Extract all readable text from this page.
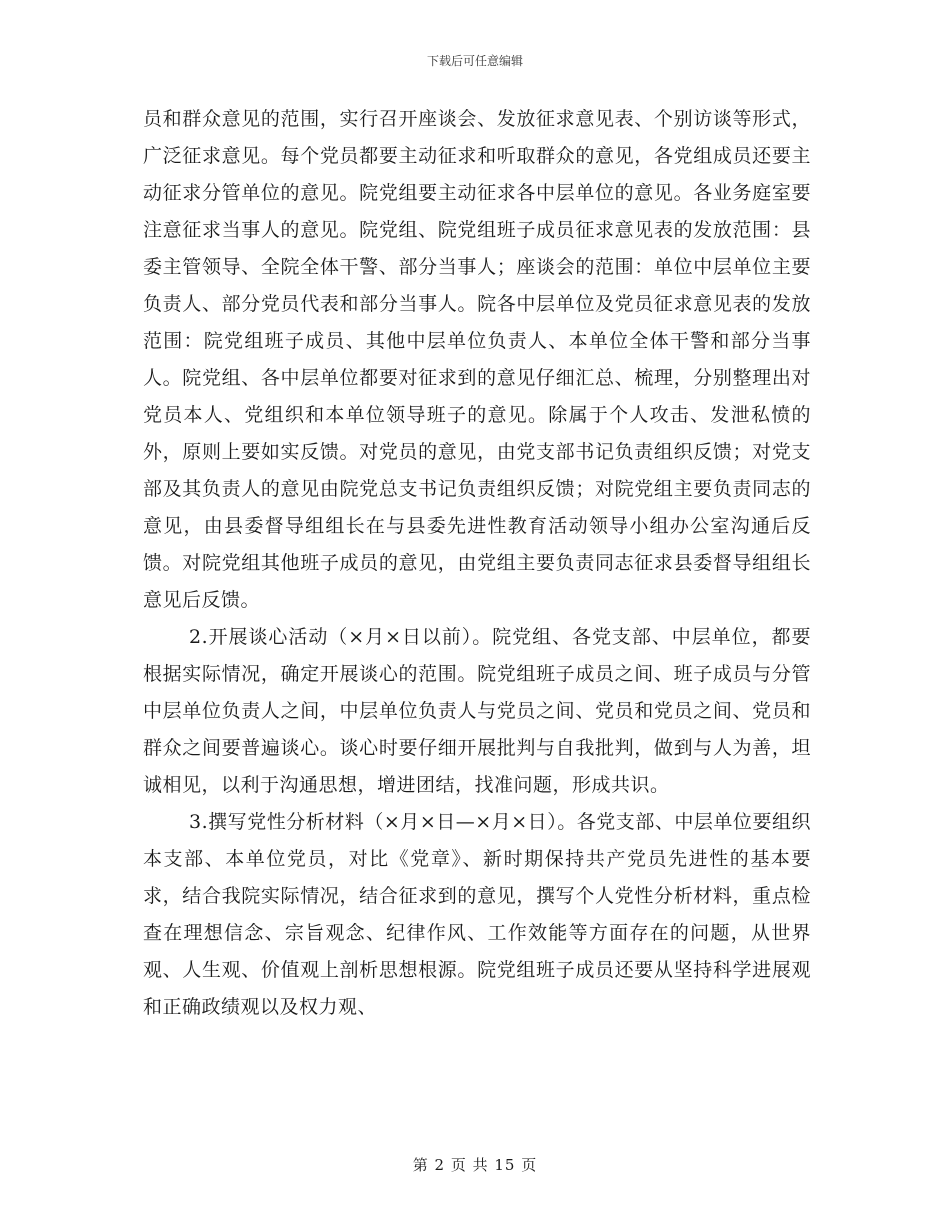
下载后可任意编辑

员和群众意见的范围，实行召开座谈会、发放征求意见表、个别访谈等形式，广泛征求意见。每个党员都要主动征求和听取群众的意见，各党组成员还要主动征求分管单位的意见。院党组要主动征求各中层单位的意见。各业务庭室要注意征求当事人的意见。院党组、院党组班子成员征求意见表的发放范围：县委主管领导、全院全体干警、部分当事人；座谈会的范围：单位中层单位主要负责人、部分党员代表和部分当事人。院各中层单位及党员征求意见表的发放范围：院党组班子成员、其他中层单位负责人、本单位全体干警和部分当事人。院党组、各中层单位都要对征求到的意见仔细汇总、梳理，分别整理出对党员本人、党组织和本单位领导班子的意见。除属于个人攻击、发泄私愤的外，原则上要如实反馈。对党员的意见，由党支部书记负责组织反馈；对党支部及其负责人的意见由院党总支书记负责组织反馈；对院党组主要负责同志的意见，由县委督导组组长在与县委先进性教育活动领导小组办公室沟通后反馈。对院党组其他班子成员的意见，由党组主要负责同志征求县委督导组组长意见后反馈。

2.开展谈心活动（×月×日以前）。院党组、各党支部、中层单位，都要根据实际情况，确定开展谈心的范围。院党组班子成员之间、班子成员与分管中层单位负责人之间，中层单位负责人与党员之间、党员和党员之间、党员和群众之间要普遍谈心。谈心时要仔细开展批判与自我批判，做到与人为善，坦诚相见，以利于沟通思想，增进团结，找准问题，形成共识。

3.撰写党性分析材料（×月×日—×月×日）。各党支部、中层单位要组织本支部、本单位党员，对比《党章》、新时期保持共产党员先进性的基本要求，结合我院实际情况，结合征求到的意见，撰写个人党性分析材料，重点检查在理想信念、宗旨观念、纪律作风、工作效能等方面存在的问题，从世界观、人生观、价值观上剖析思想根源。院党组班子成员还要从坚持科学进展观和正确政绩观以及权力观、

第 2 页 共 15 页
